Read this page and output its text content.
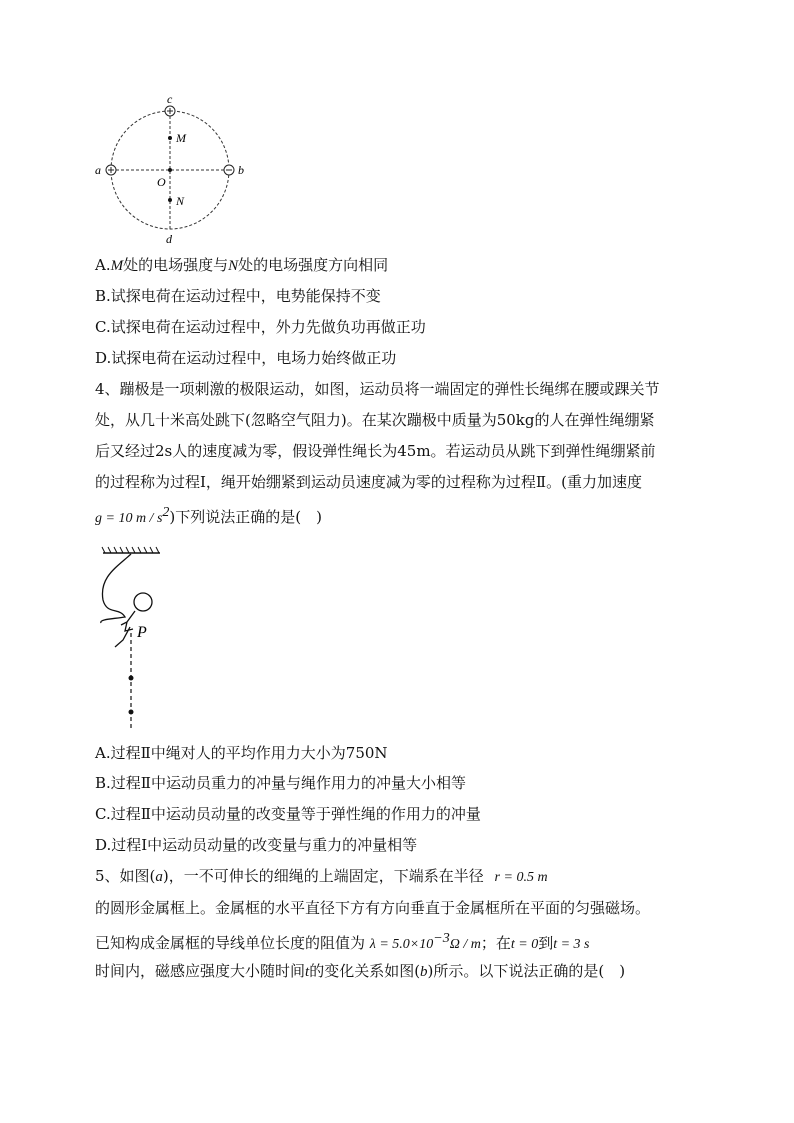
c
a	b
d
M
O
N
A.M处的电场强度与N处的电场强度方向相同
B.试探电荷在运动过程中，电势能保持不变
C.试探电荷在运动过程中，外力先做负功再做正功
D.试探电荷在运动过程中，电场力始终做正功
4、蹦极是一项刺激的极限运动，如图，运动员将一端固定的弹性长绳绑在腰或踝关节
处，从几十米高处跳下(忽略空气阻力)。在某次蹦极中质量为50kg的人在弹性绳绷紧
后又经过2s人的速度减为零，假设弹性绳长为45m。若运动员从跳下到弹性绳绷紧前
的过程称为过程Ⅰ，绳开始绷紧到运动员速度减为零的过程称为过程Ⅱ。(重力加速度
g = 10 m / $s^2$)下列说法正确的是(　)
P
A.过程Ⅱ中绳对人的平均作用力大小为750N
B.过程Ⅱ中运动员重力的冲量与绳作用力的冲量大小相等
C.过程Ⅱ中运动员动量的改变量等于弹性绳的作用力的冲量
D.过程Ⅰ中运动员动量的改变量与重力的冲量相等
5、如图(a)，一不可伸长的细绳的上端固定，下端系在半径 r = 0.5 m
的圆形金属框上。金属框的水平直径下方有方向垂直于金属框所在平面的匀强磁场。
已知构成金属框的导线单位长度的阻值为 $\lambda = 5.0\times 10^{-3}\Omega / m$；在t = 0到t = 3 s
时间内，磁感应强度大小随时间t的变化关系如图(b)所示。以下说法正确的是(　)
